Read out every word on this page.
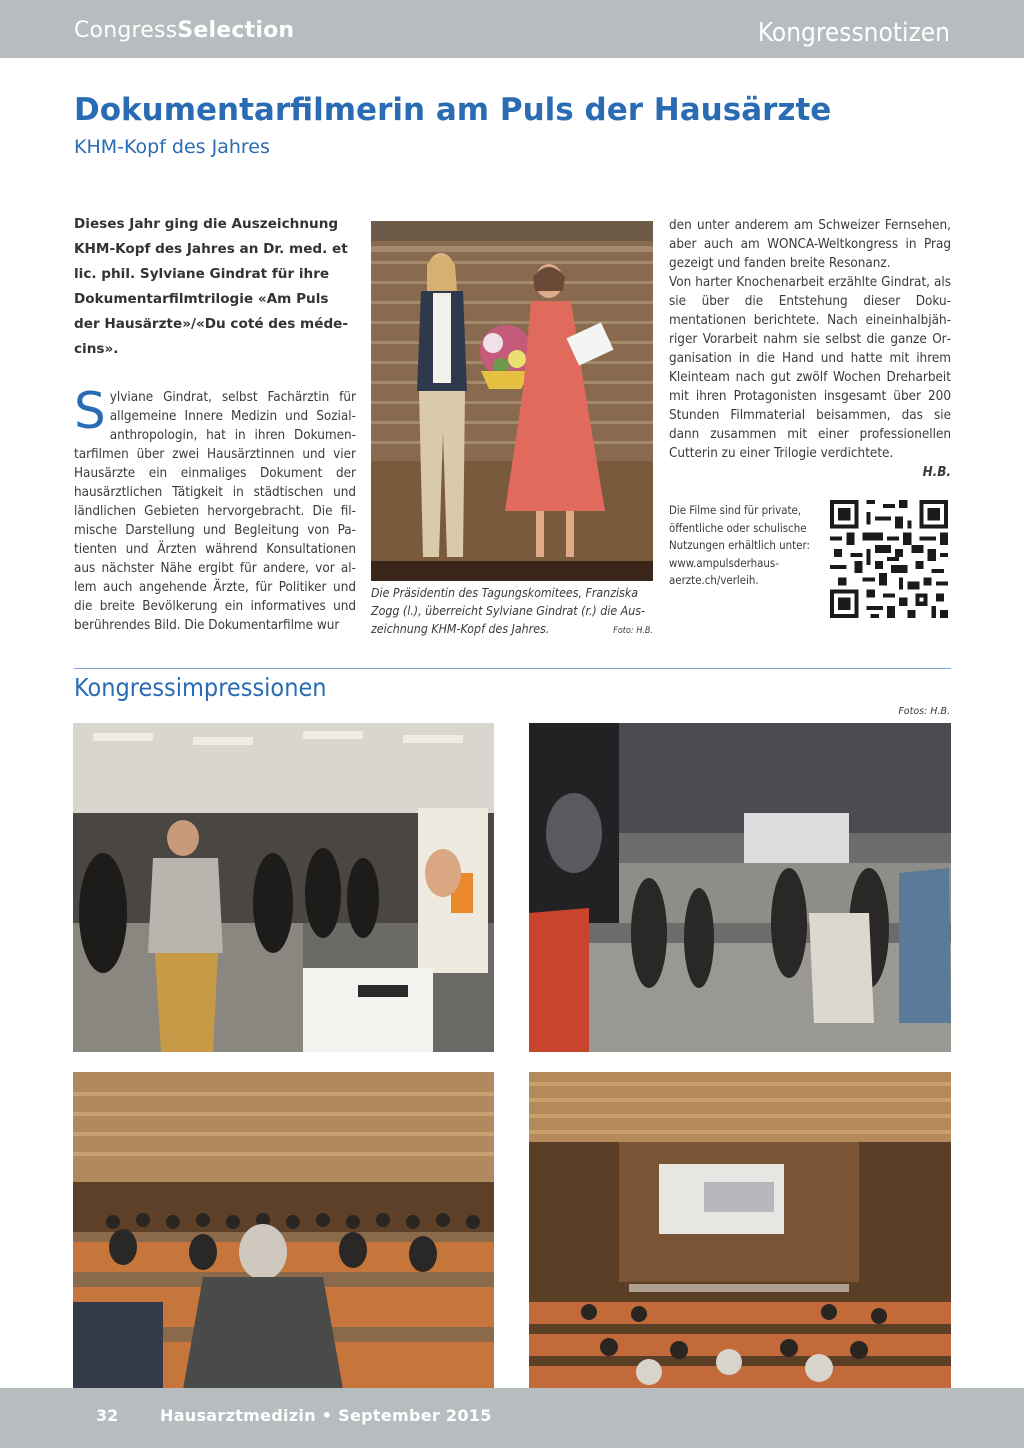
CongressSelection	Kongressnotizen
Dokumentarfilmerin am Puls der Hausärzte
KHM-Kopf des Jahres
Dieses Jahr ging die Auszeichnung KHM-Kopf des Jahres an Dr. med. et lic. phil. Sylviane Gindrat für ihre Dokumentarfilmtrilogie «Am Puls der Hausärzte»/«Du coté des médecins».
Sylviane Gindrat, selbst Fachärztin für allgemeine Innere Medizin und Sozialanthropologin, hat in ihren Dokumentarfilmen über zwei Hausärztinnen und vier Hausärzte ein einmaliges Dokument der hausärztlichen Tätigkeit in städtischen und ländlichen Gebieten hervorgebracht. Die filmische Darstellung und Begleitung von Patienten und Ärzten während Konsultationen aus nächster Nähe ergibt für andere, vor allem auch angehende Ärzte, für Politiker und die breite Bevölkerung ein informatives und berührendes Bild. Die Dokumentarfilme wur
Die Präsidentin des Tagungskomitees, Franziska Zogg (l.), überreicht Sylviane Gindrat (r.) die Auszeichnung KHM-Kopf des Jahres.	Foto: H.B.

den unter anderem am Schweizer Fernsehen, aber auch am WONCA-Weltkongress in Prag gezeigt und fanden breite Resonanz.

Von harter Knochenarbeit erzählte Gindrat, als sie über die Entstehung dieser Dokumentationen berichtete. Nach eineinhalbjähriger Vorarbeit nahm sie selbst die ganze Organisation in die Hand und hatte mit ihrem Kleinteam nach gut zwölf Wochen Dreharbeit mit ihren Protagonisten insgesamt über 200 Stunden Filmmaterial beisammen, das sie dann zusammen mit einer professionellen Cutterin zu einer Trilogie verdichtete.

H.B.

Die Filme sind für private, öffentliche oder schulische Nutzungen erhältlich unter: www.ampulsderhausaerzte.ch/verleih.
Kongressimpressionen
Fotos: H.B.
32	Hausarztmedizin • September 2015
